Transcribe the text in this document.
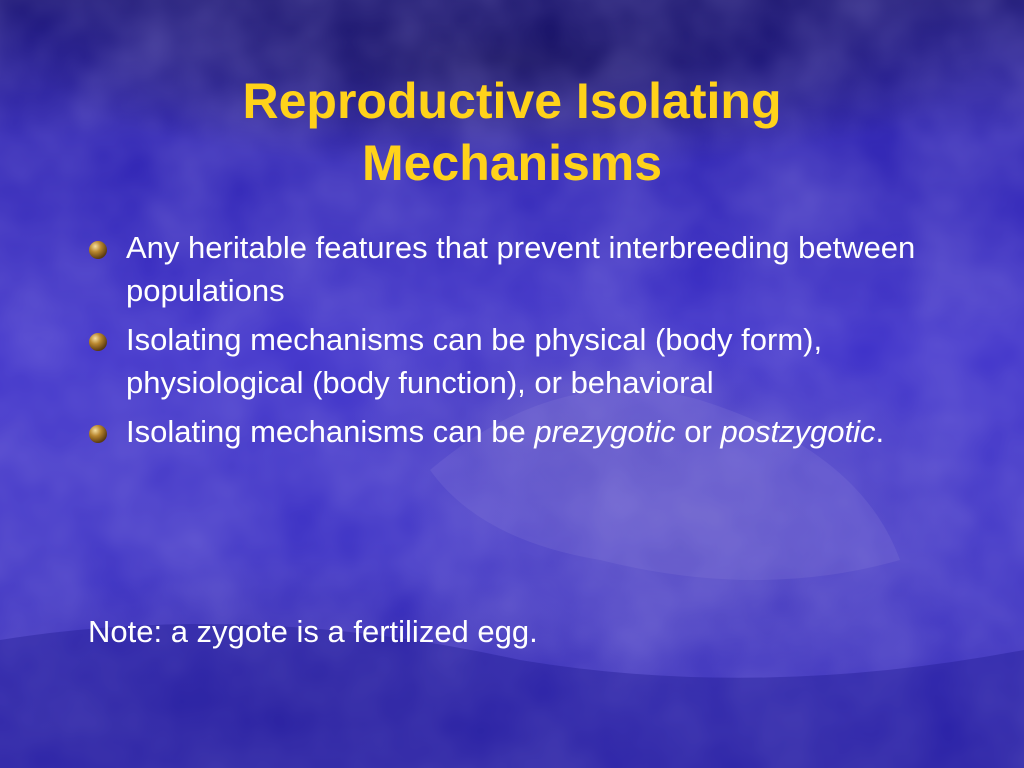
Reproductive Isolating
Mechanisms
Any heritable features that prevent interbreeding between populations
Isolating mechanisms can be physical (body form), physiological (body function), or behavioral
Isolating mechanisms can be prezygotic or postzygotic.
Note: a zygote is a fertilized egg.
